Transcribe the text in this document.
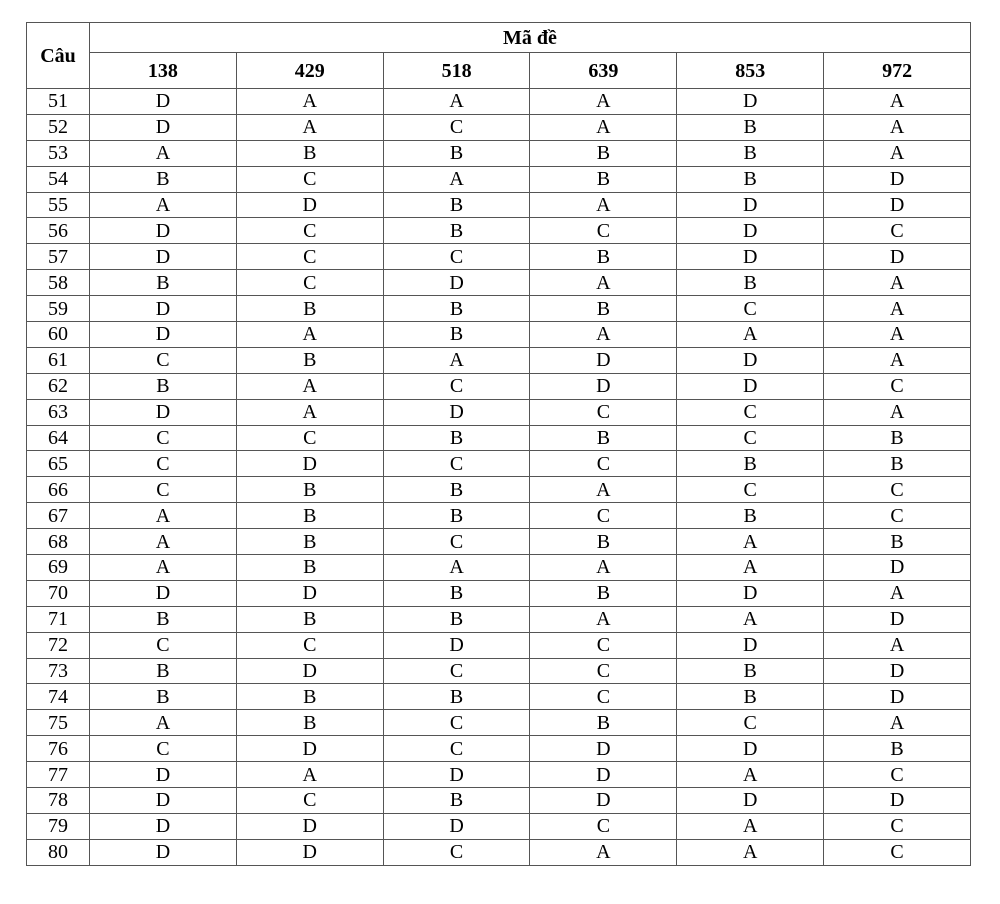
Câu	Mã đề					
	138	429	518	639	853	972
51	D	A	A	A	D	A
52	D	A	C	A	B	A
53	A	B	B	B	B	A
54	B	C	A	B	B	D
55	A	D	B	A	D	D
56	D	C	B	C	D	C
57	D	C	C	B	D	D
58	B	C	D	A	B	A
59	D	B	B	B	C	A
60	D	A	B	A	A	A
61	C	B	A	D	D	A
62	B	A	C	D	D	C
63	D	A	D	C	C	A
64	C	C	B	B	C	B
65	C	D	C	C	B	B
66	C	B	B	A	C	C
67	A	B	B	C	B	C
68	A	B	C	B	A	B
69	A	B	A	A	A	D
70	D	D	B	B	D	A
71	B	B	B	A	A	D
72	C	C	D	C	D	A
73	B	D	C	C	B	D
74	B	B	B	C	B	D
75	A	B	C	B	C	A
76	C	D	C	D	D	B
77	D	A	D	D	A	C
78	D	C	B	D	D	D
79	D	D	D	C	A	C
80	D	D	C	A	A	C
